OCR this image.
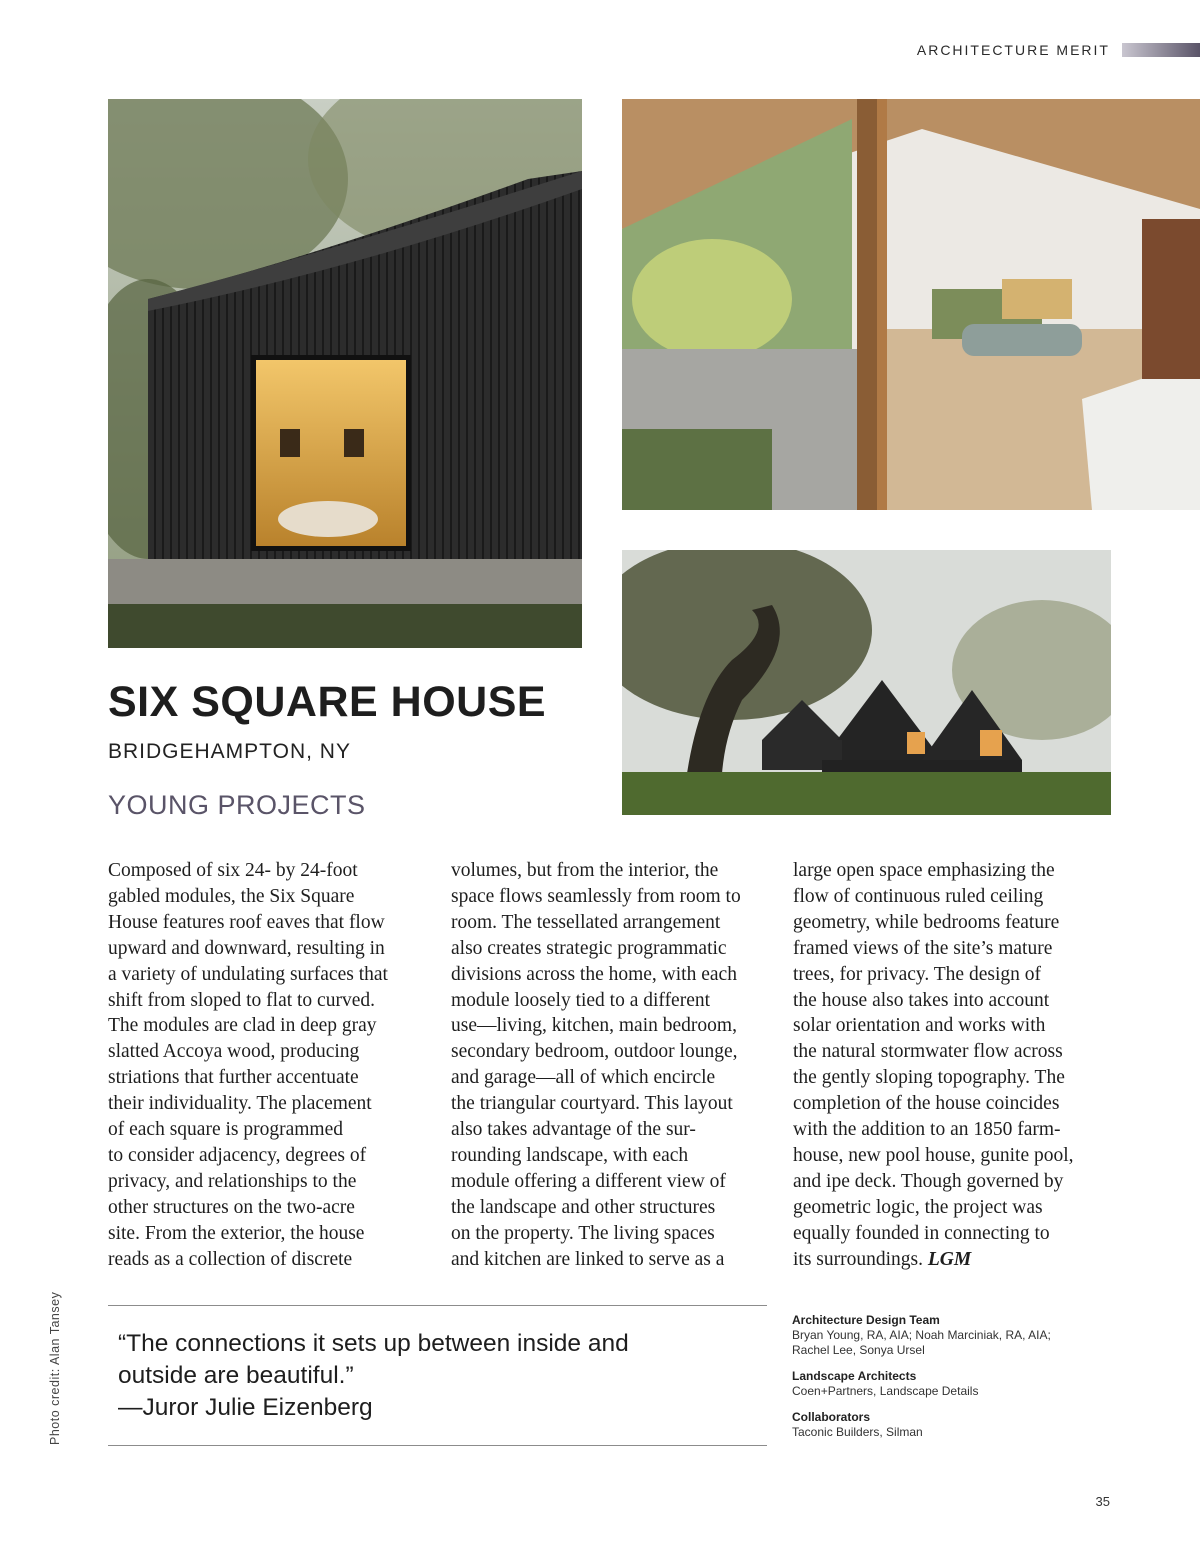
ARCHITECTURE MERIT
SIX SQUARE HOUSE
BRIDGEHAMPTON, NY
YOUNG PROJECTS
Composed of six 24- by 24-foot
gabled modules, the Six Square
House features roof eaves that flow
upward and downward, resulting in
a variety of undulating surfaces that
shift from sloped to flat to curved.
The modules are clad in deep gray
slatted Accoya wood, producing
striations that further accentuate
their individuality. The placement
of each square is programmed
to consider adjacency, degrees of
privacy, and relationships to the
other structures on the two-acre
site. From the exterior, the house
reads as a collection of discrete
volumes, but from the interior, the
space flows seamlessly from room to
room. The tessellated arrangement
also creates strategic programmatic
divisions across the home, with each
module loosely tied to a different
use—living, kitchen, main bedroom,
secondary bedroom, outdoor lounge,
and garage—all of which encircle
the triangular courtyard. This layout
also takes advantage of the sur-
rounding landscape, with each
module offering a different view of
the landscape and other structures
on the property. The living spaces
and kitchen are linked to serve as a
large open space emphasizing the
flow of continuous ruled ceiling
geometry, while bedrooms feature
framed views of the site’s mature
trees, for privacy. The design of
the house also takes into account
solar orientation and works with
the natural stormwater flow across
the gently sloping topography. The
completion of the house coincides
with the addition to an 1850 farm-
house, new pool house, gunite pool,
and ipe deck. Though governed by
geometric logic, the project was
equally founded in connecting to
its surroundings. LGM
“The connections it sets up between inside and
outside are beautiful.”
—Juror Julie Eizenberg
Architecture Design Team
Bryan Young, RA, AIA; Noah Marciniak, RA, AIA;
Rachel Lee, Sonya Ursel
Landscape Architects
Coen+Partners, Landscape Details
Collaborators
Taconic Builders, Silman
Photo credit: Alan Tansey
35
